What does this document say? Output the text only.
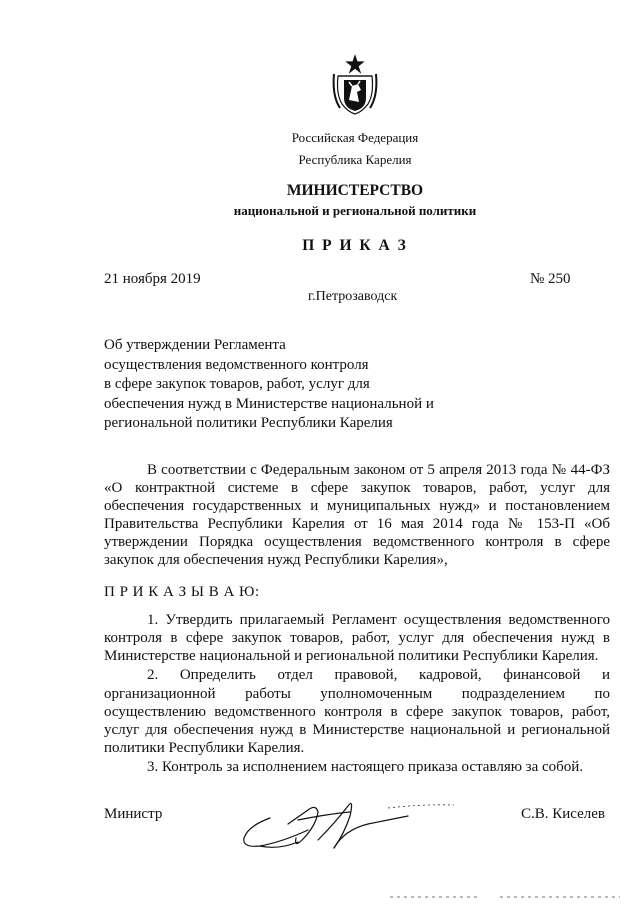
Российская Федерация
Республика Карелия
МИНИСТЕРСТВО
национальной и региональной политики
П Р И К А З
21 ноября 2019	№ 250
г.Петрозаводск
Об утверждении Регламента
осуществления ведомственного контроля
в сфере закупок товаров, работ, услуг для
обеспечения нужд в Министерстве национальной и
региональной политики Республики Карелия
В соответствии с Федеральным законом от 5 апреля 2013 года № 44-ФЗ
«О контрактной системе в сфере закупок товаров, работ, услуг для
обеспечения государственных и муниципальных нужд» и постановлением
Правительства Республики Карелия от 16 мая 2014 года № 153-П «Об
утверждении Порядка осуществления ведомственного контроля в сфере
закупок для обеспечения нужд Республики Карелия»,
П Р И К А З Ы В А Ю:
1. Утвердить прилагаемый Регламент осуществления ведомственного
контроля в сфере закупок товаров, работ, услуг для обеспечения нужд в
Министерстве национальной и региональной политики Республики Карелия.
2. Определить отдел правовой, кадровой, финансовой и
организационной работы уполномоченным подразделением по
осуществлению ведомственного контроля в сфере закупок товаров, работ,
услуг для обеспечения нужд в Министерстве национальной и региональной
политики Республики Карелия.
3. Контроль за исполнением настоящего приказа оставляю за собой.
Министр	С.В. Киселев
